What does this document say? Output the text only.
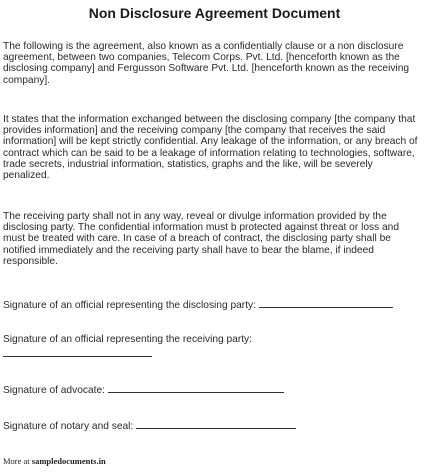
Non Disclosure Agreement Document

The following is the agreement, also known as a confidentially clause or a non disclosure agreement, between two companies, Telecom Corps. Pvt. Ltd. [henceforth known as the disclosing company] and Fergusson Software Pvt. Ltd. [henceforth known as the receiving company].

It states that the information exchanged between the disclosing company [the company that provides information] and the receiving company [the company that receives the said information] will be kept strictly confidential. Any leakage of the information, or any breach of contract which can be said to be a leakage of information relating to technologies, software, trade secrets, industrial information, statistics, graphs and the like, will be severely penalized.

The receiving party shall not in any way, reveal or divulge information provided by the disclosing party. The confidential information must b protected against threat or loss and must be treated with care. In case of a breach of contract, the disclosing party shall be notified immediately and the receiving party shall have to bear the blame, if indeed responsible.

Signature of an official representing the disclosing party:
Signature of an official representing the receiving party:
Signature of advocate:
Signature of notary and seal:
More at sampledocuments.in
